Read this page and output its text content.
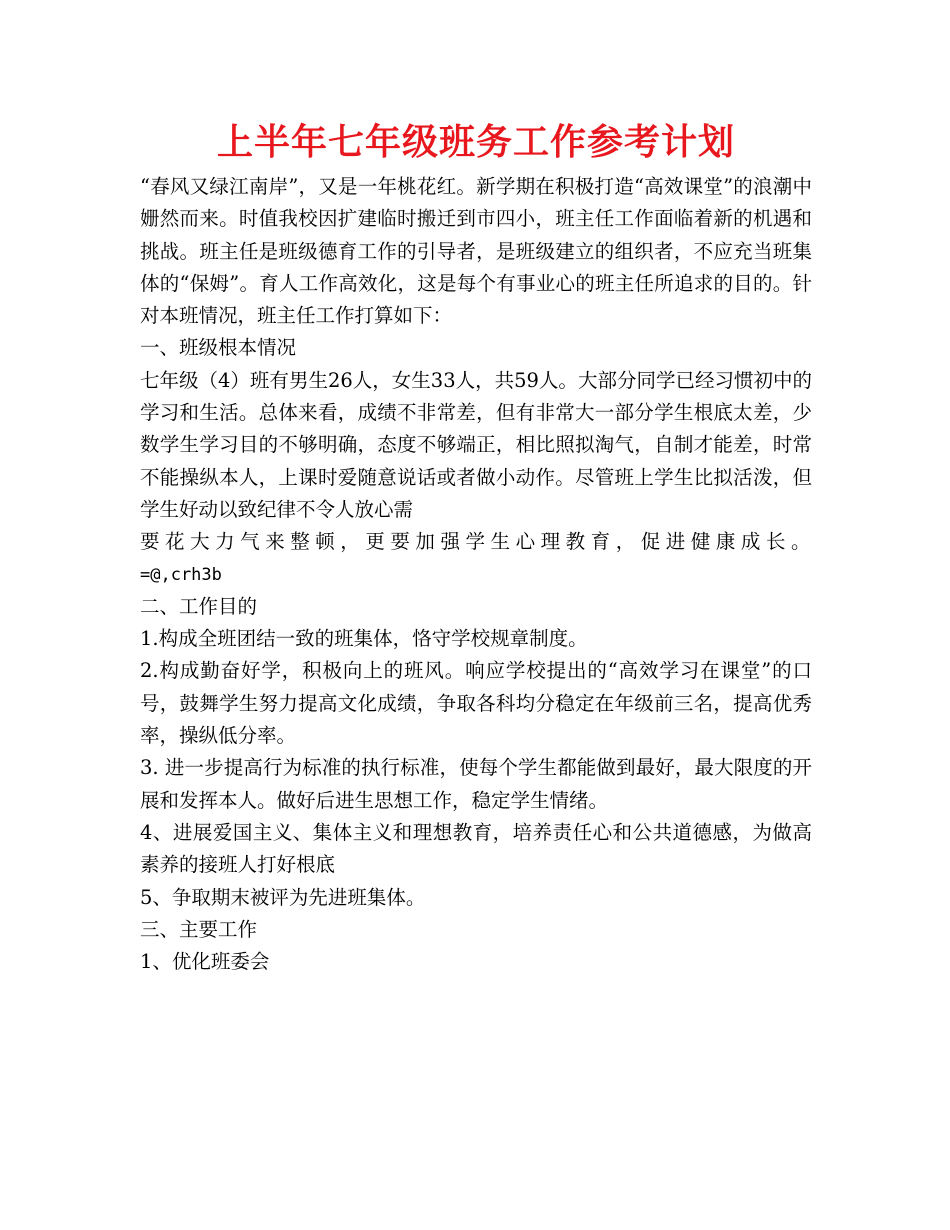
上半年七年级班务工作参考计划

“春风又绿江南岸”，又是一年桃花红。新学期在积极打造“高效课堂”的浪潮中姗然而来。时值我校因扩建临时搬迁到市四小，班主任工作面临着新的机遇和挑战。班主任是班级德育工作的引导者，是班级建立的组织者，不应充当班集体的“保姆”。育人工作高效化，这是每个有事业心的班主任所追求的目的。针对本班情况，班主任工作打算如下：

一、班级根本情况

七年级（4）班有男生26人，女生33人，共59人。大部分同学已经习惯初中的学习和生活。总体来看，成绩不非常差，但有非常大一部分学生根底太差，少数学生学习目的不够明确，态度不够端正，相比照拟淘气，自制才能差，时常不能操纵本人，上课时爱随意说话或者做小动作。尽管班上学生比拟活泼，但学生好动以致纪律不令人放心需

要花大力气来整顿，更要加强学生心理教育，促进健康成长。

=@,crh3b

二、工作目的

1.构成全班团结一致的班集体，恪守学校规章制度。

2.构成勤奋好学，积极向上的班风。响应学校提出的“高效学习在课堂”的口号，鼓舞学生努力提高文化成绩，争取各科均分稳定在年级前三名，提高优秀率，操纵低分率。

3. 进一步提高行为标准的执行标准，使每个学生都能做到最好，最大限度的开展和发挥本人。做好后进生思想工作，稳定学生情绪。

4、进展爱国主义、集体主义和理想教育，培养责任心和公共道德感，为做高素养的接班人打好根底

5、争取期末被评为先进班集体。

三、主要工作

1、优化班委会
